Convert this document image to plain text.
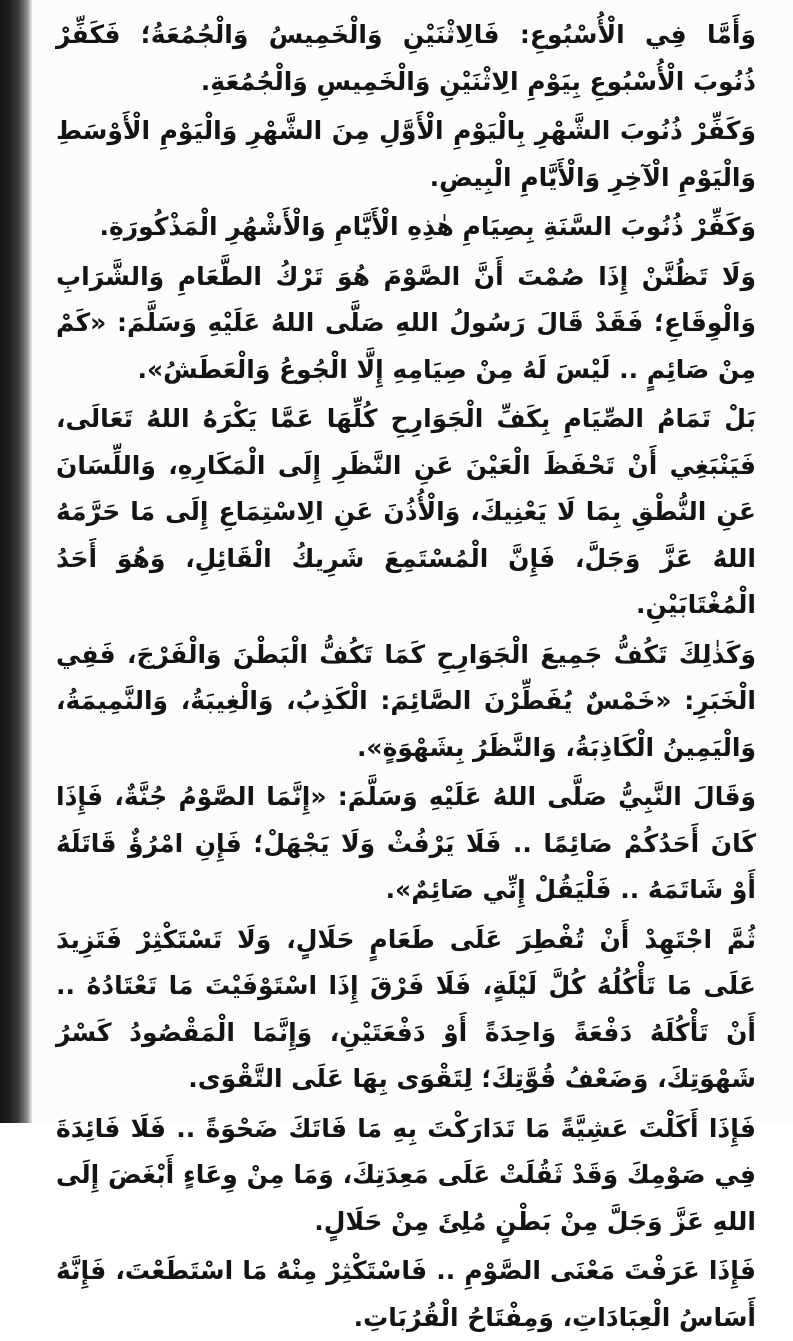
وَأَمَّا فِي الْأُسْبُوعِ: فَالِاثْنَيْنِ وَالْخَمِيسُ وَالْجُمُعَةُ؛ فَكَفِّرْ ذُنُوبَ الْأُسْبُوعِ بِيَوْمِ الِاثْنَيْنِ وَالْخَمِيسِ وَالْجُمُعَةِ.

وَكَفِّرْ ذُنُوبَ الشَّهْرِ بِالْيَوْمِ الْأَوَّلِ مِنَ الشَّهْرِ وَالْيَوْمِ الْأَوْسَطِ وَالْيَوْمِ الْآخِرِ وَالْأَيَّامِ الْبِيضِ.

وَكَفِّرْ ذُنُوبَ السَّنَةِ بِصِيَامِ هٰذِهِ الْأَيَّامِ وَالْأَشْهُرِ الْمَذْكُورَةِ.

وَلَا تَظُنَّنْ إِذَا صُمْتَ أَنَّ الصَّوْمَ هُوَ تَرْكُ الطَّعَامِ وَالشَّرَابِ وَالْوِقَاعِ؛ فَقَدْ قَالَ رَسُولُ اللهِ صَلَّى اللهُ عَلَيْهِ وَسَلَّمَ: «كَمْ مِنْ صَائِمٍ .. لَيْسَ لَهُ مِنْ صِيَامِهِ إِلَّا الْجُوعُ وَالْعَطَشُ».

بَلْ تَمَامُ الصِّيَامِ بِكَفِّ الْجَوَارِحِ كُلِّهَا عَمَّا يَكْرَهُ اللهُ تَعَالَى، فَيَنْبَغِي أَنْ تَحْفَظَ الْعَيْنَ عَنِ النَّظَرِ إِلَى الْمَكَارِهِ، وَاللِّسَانَ عَنِ النُّطْقِ بِمَا لَا يَعْنِيكَ، وَالْأُذُنَ عَنِ الِاسْتِمَاعِ إِلَى مَا حَرَّمَهُ اللهُ عَزَّ وَجَلَّ، فَإِنَّ الْمُسْتَمِعَ شَرِيكُ الْقَائِلِ، وَهُوَ أَحَدُ الْمُغْتَابَيْنِ.

وَكَذٰلِكَ تَكُفُّ جَمِيعَ الْجَوَارِحِ كَمَا تَكُفُّ الْبَطْنَ وَالْفَرْجَ، فَفِي الْخَبَرِ: «خَمْسٌ يُفَطِّرْنَ الصَّائِمَ: الْكَذِبُ، وَالْغِيبَةُ، وَالنَّمِيمَةُ، وَالْيَمِينُ الْكَاذِبَةُ، وَالنَّظَرُ بِشَهْوَةٍ».

وَقَالَ النَّبِيُّ صَلَّى اللهُ عَلَيْهِ وَسَلَّمَ: «إِنَّمَا الصَّوْمُ جُنَّةٌ، فَإِذَا كَانَ أَحَدُكُمْ صَائِمًا .. فَلَا يَرْفُثْ وَلَا يَجْهَلْ؛ فَإِنِ امْرُؤٌ قَاتَلَهُ أَوْ شَاتَمَهُ .. فَلْيَقُلْ إِنِّي صَائِمٌ».

ثُمَّ اجْتَهِدْ أَنْ تُفْطِرَ عَلَى طَعَامٍ حَلَالٍ، وَلَا تَسْتَكْثِرْ فَتَزِيدَ عَلَى مَا تَأْكُلُهُ كُلَّ لَيْلَةٍ، فَلَا فَرْقَ إِذَا اسْتَوْفَيْتَ مَا تَعْتَادُهُ .. أَنْ تَأْكُلَهُ دَفْعَةً وَاحِدَةً أَوْ دَفْعَتَيْنِ، وَإِنَّمَا الْمَقْصُودُ كَسْرُ شَهْوَتِكَ، وَضَعْفُ قُوَّتِكَ؛ لِتَقْوَى بِهَا عَلَى التَّقْوَى.

فَإِذَا أَكَلْتَ عَشِيَّةً مَا تَدَارَكْتَ بِهِ مَا فَاتَكَ ضَحْوَةً .. فَلَا فَائِدَةَ فِي صَوْمِكَ وَقَدْ ثَقُلَتْ عَلَى مَعِدَتِكَ، وَمَا مِنْ وِعَاءٍ أَبْغَضَ إِلَى اللهِ عَزَّ وَجَلَّ مِنْ بَطْنٍ مُلِئَ مِنْ حَلَالٍ.

فَإِذَا عَرَفْتَ مَعْنَى الصَّوْمِ .. فَاسْتَكْثِرْ مِنْهُ مَا اسْتَطَعْتَ، فَإِنَّهُ أَسَاسُ الْعِبَادَاتِ، وَمِفْتَاحُ الْقُرُبَاتِ.
